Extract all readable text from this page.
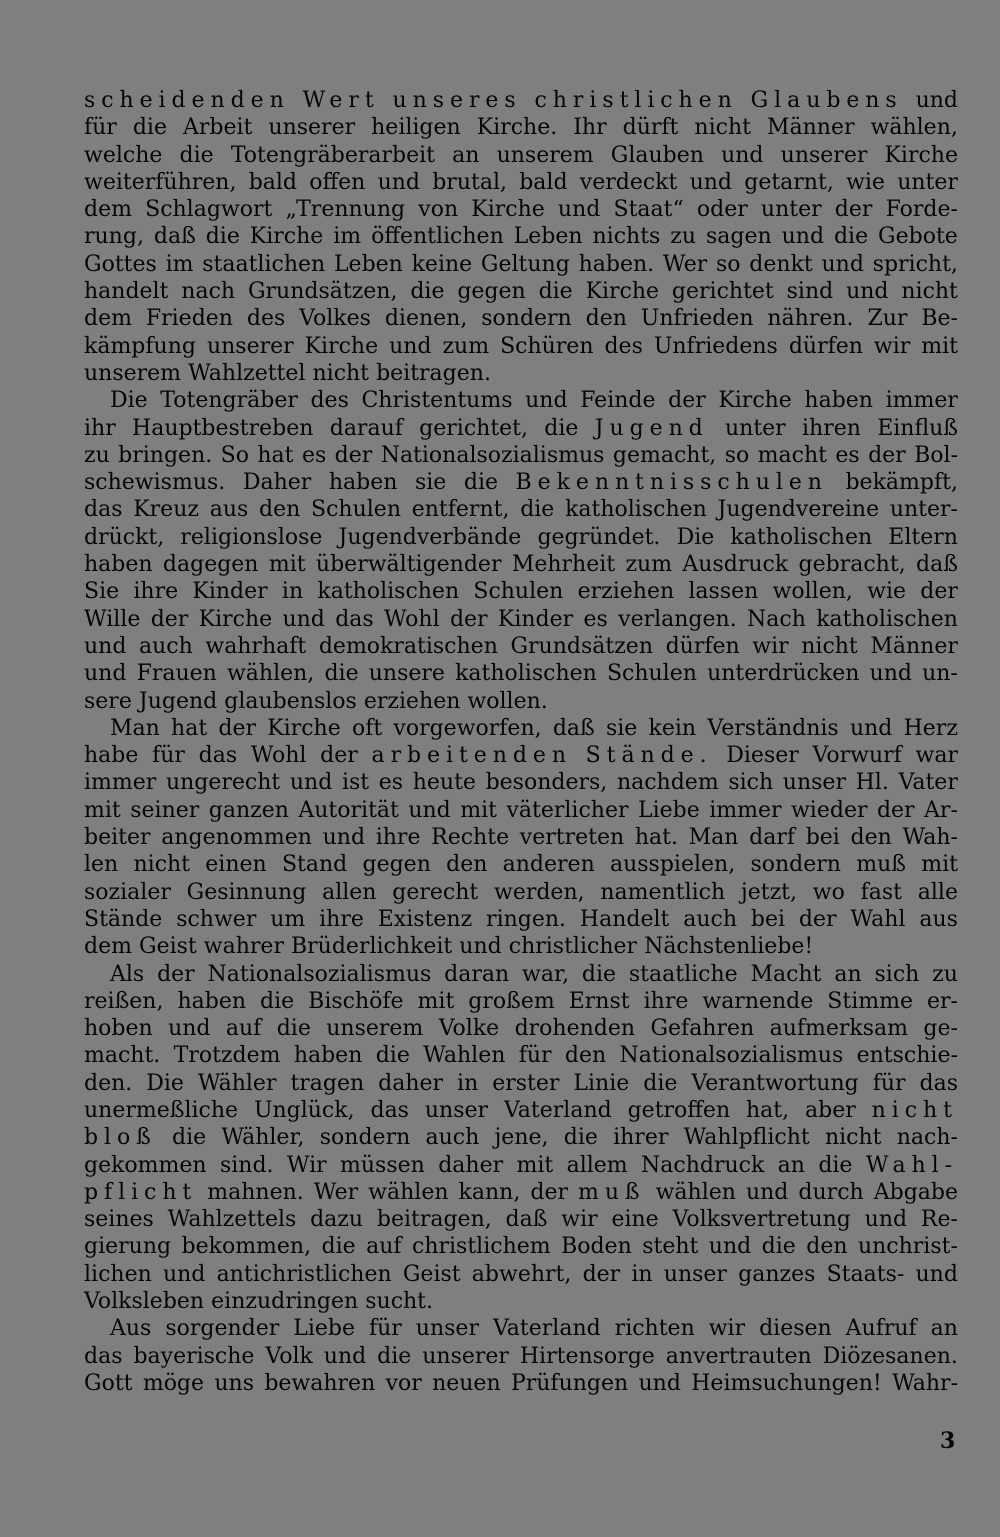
scheidenden Wert unseres christlichen Glaubens und
für die Arbeit unserer heiligen Kirche. Ihr dürft nicht Männer wählen,
welche die Totengräberarbeit an unserem Glauben und unserer Kirche
weiterführen, bald offen und brutal, bald verdeckt und getarnt, wie unter
dem Schlagwort „Trennung von Kirche und Staat“ oder unter der Forde-
rung, daß die Kirche im öffentlichen Leben nichts zu sagen und die Gebote
Gottes im staatlichen Leben keine Geltung haben. Wer so denkt und spricht,
handelt nach Grundsätzen, die gegen die Kirche gerichtet sind und nicht
dem Frieden des Volkes dienen, sondern den Unfrieden nähren. Zur Be-
kämpfung unserer Kirche und zum Schüren des Unfriedens dürfen wir mit
unserem Wahlzettel nicht beitragen.
Die Totengräber des Christentums und Feinde der Kirche haben immer
ihr Hauptbestreben darauf gerichtet, die Jugend unter ihren Einfluß
zu bringen. So hat es der Nationalsozialismus gemacht, so macht es der Bol-
schewismus. Daher haben sie die Bekenntnisschulen bekämpft,
das Kreuz aus den Schulen entfernt, die katholischen Jugendvereine unter-
drückt, religionslose Jugendverbände gegründet. Die katholischen Eltern
haben dagegen mit überwältigender Mehrheit zum Ausdruck gebracht, daß
Sie ihre Kinder in katholischen Schulen erziehen lassen wollen, wie der
Wille der Kirche und das Wohl der Kinder es verlangen. Nach katholischen
und auch wahrhaft demokratischen Grundsätzen dürfen wir nicht Männer
und Frauen wählen, die unsere katholischen Schulen unterdrücken und un-
sere Jugend glaubenslos erziehen wollen.
Man hat der Kirche oft vorgeworfen, daß sie kein Verständnis und Herz
habe für das Wohl der arbeitenden Stände. Dieser Vorwurf war
immer ungerecht und ist es heute besonders, nachdem sich unser Hl. Vater
mit seiner ganzen Autorität und mit väterlicher Liebe immer wieder der Ar-
beiter angenommen und ihre Rechte vertreten hat. Man darf bei den Wah-
len nicht einen Stand gegen den anderen ausspielen, sondern muß mit
sozialer Gesinnung allen gerecht werden, namentlich jetzt, wo fast alle
Stände schwer um ihre Existenz ringen. Handelt auch bei der Wahl aus
dem Geist wahrer Brüderlichkeit und christlicher Nächstenliebe!
Als der Nationalsozialismus daran war, die staatliche Macht an sich zu
reißen, haben die Bischöfe mit großem Ernst ihre warnende Stimme er-
hoben und auf die unserem Volke drohenden Gefahren aufmerksam ge-
macht. Trotzdem haben die Wahlen für den Nationalsozialismus entschie-
den. Die Wähler tragen daher in erster Linie die Verantwortung für das
unermeßliche Unglück, das unser Vaterland getroffen hat, aber nicht
bloß die Wähler, sondern auch jene, die ihrer Wahlpflicht nicht nach-
gekommen sind. Wir müssen daher mit allem Nachdruck an die Wahl-
pflicht mahnen. Wer wählen kann, der muß wählen und durch Abgabe
seines Wahlzettels dazu beitragen, daß wir eine Volksvertretung und Re-
gierung bekommen, die auf christlichem Boden steht und die den unchrist-
lichen und antichristlichen Geist abwehrt, der in unser ganzes Staats- und
Volksleben einzudringen sucht.
Aus sorgender Liebe für unser Vaterland richten wir diesen Aufruf an
das bayerische Volk und die unserer Hirtensorge anvertrauten Diözesanen.
Gott möge uns bewahren vor neuen Prüfungen und Heimsuchungen! Wahr-
3
